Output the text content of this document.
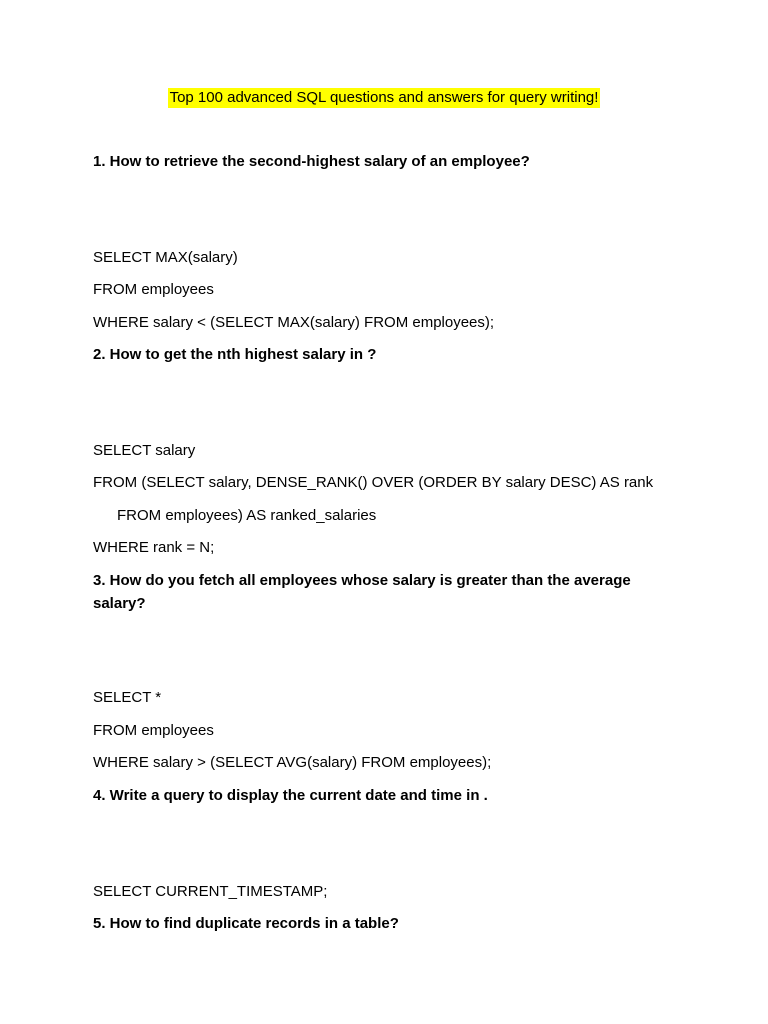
Top 100 advanced SQL questions and answers for query writing!
1. How to retrieve the second-highest salary of an employee?
SELECT MAX(salary)
FROM employees
WHERE salary < (SELECT MAX(salary) FROM employees);
2. How to get the nth highest salary in ?
SELECT salary
FROM (SELECT salary, DENSE_RANK() OVER (ORDER BY salary DESC) AS rank
FROM employees) AS ranked_salaries
WHERE rank = N;
3. How do you fetch all employees whose salary is greater than the average salary?
SELECT *
FROM employees
WHERE salary > (SELECT AVG(salary) FROM employees);
4. Write a query to display the current date and time in .
SELECT CURRENT_TIMESTAMP;
5. How to find duplicate records in a table?
